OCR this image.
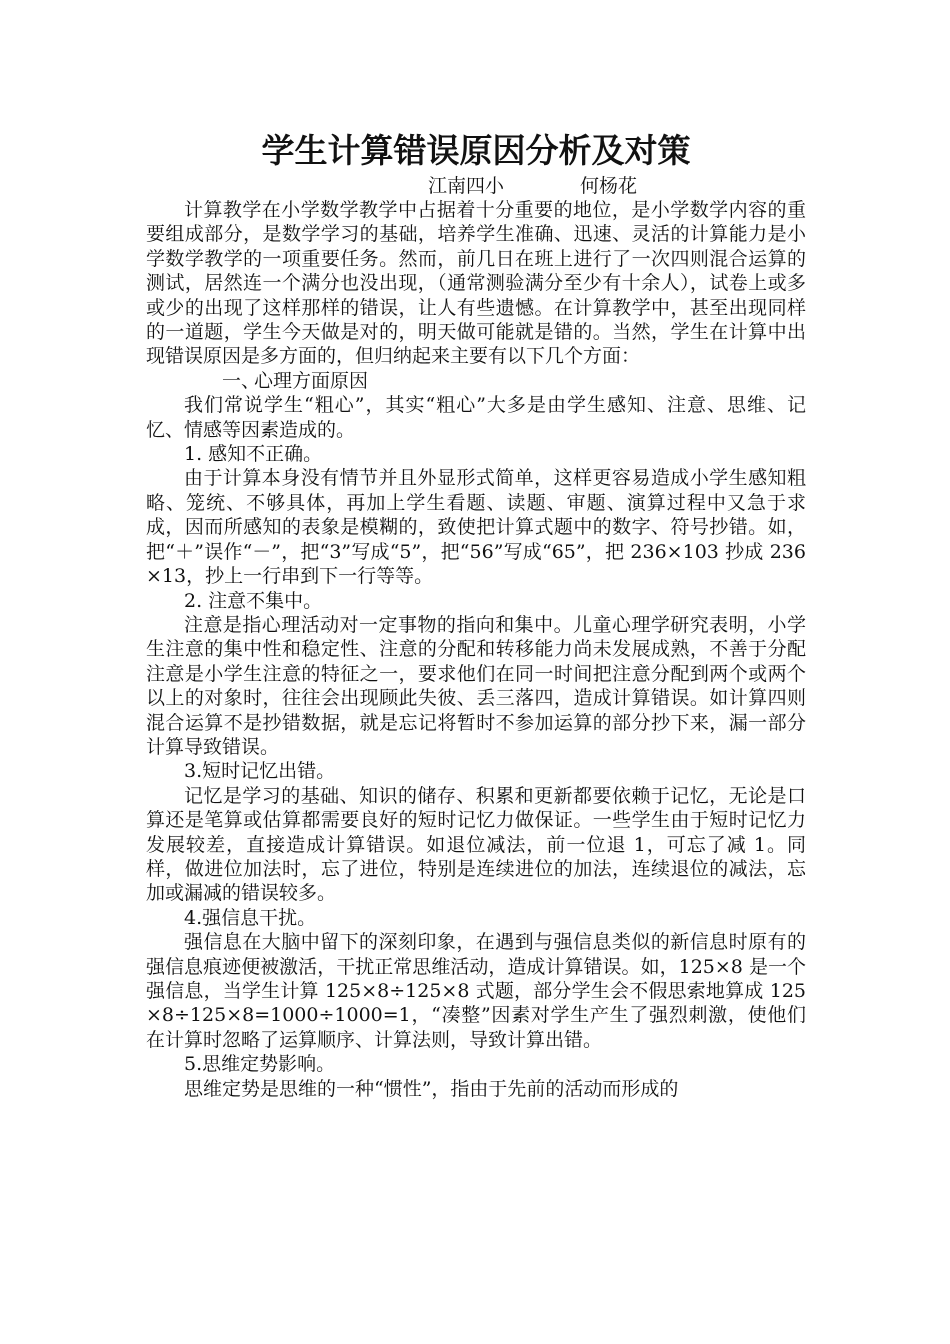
学生计算错误原因分析及对策
江南四小	何杨花

计算教学在小学数学教学中占据着十分重要的地位，是小学数学内容的重要组成部分，是数学学习的基础，培养学生准确、迅速、灵活的计算能力是小学数学教学的一项重要任务。然而，前几日在班上进行了一次四则混合运算的测试，居然连一个满分也没出现，（通常测验满分至少有十余人），试卷上或多或少的出现了这样那样的错误，让人有些遗憾。在计算教学中，甚至出现同样的一道题，学生今天做是对的，明天做可能就是错的。当然，学生在计算中出现错误原因是多方面的，但归纳起来主要有以下几个方面：

一、心理方面原因

我们常说学生“粗心”，其实“粗心”大多是由学生感知、注意、思维、记忆、情感等因素造成的。

1. 感知不正确。

由于计算本身没有情节并且外显形式简单，这样更容易造成小学生感知粗略、笼统、不够具体，再加上学生看题、读题、审题、演算过程中又急于求成，因而所感知的表象是模糊的，致使把计算式题中的数字、符号抄错。如，把“＋”误作“－”，把“3”写成“5”，把“56”写成“65”，把 236×103 抄成 236×13，抄上一行串到下一行等等。

2. 注意不集中。

注意是指心理活动对一定事物的指向和集中。儿童心理学研究表明，小学生注意的集中性和稳定性、注意的分配和转移能力尚未发展成熟，不善于分配注意是小学生注意的特征之一，要求他们在同一时间把注意分配到两个或两个以上的对象时，往往会出现顾此失彼、丢三落四，造成计算错误。如计算四则混合运算不是抄错数据，就是忘记将暂时不参加运算的部分抄下来，漏一部分计算导致错误。

3.短时记忆出错。

记忆是学习的基础、知识的储存、积累和更新都要依赖于记忆，无论是口算还是笔算或估算都需要良好的短时记忆力做保证。一些学生由于短时记忆力发展较差，直接造成计算错误。如退位减法，前一位退 1，可忘了减 1。同样，做进位加法时，忘了进位，特别是连续进位的加法，连续退位的减法，忘加或漏减的错误较多。

4.强信息干扰。

强信息在大脑中留下的深刻印象，在遇到与强信息类似的新信息时原有的强信息痕迹便被激活，干扰正常思维活动，造成计算错误。如，125×8 是一个强信息，当学生计算 125×8÷125×8 式题，部分学生会不假思索地算成 125×8÷125×8=1000÷1000=1，“凑整”因素对学生产生了强烈刺激，使他们在计算时忽略了运算顺序、计算法则，导致计算出错。

5.思维定势影响。

思维定势是思维的一种“惯性”，指由于先前的活动而形成的
